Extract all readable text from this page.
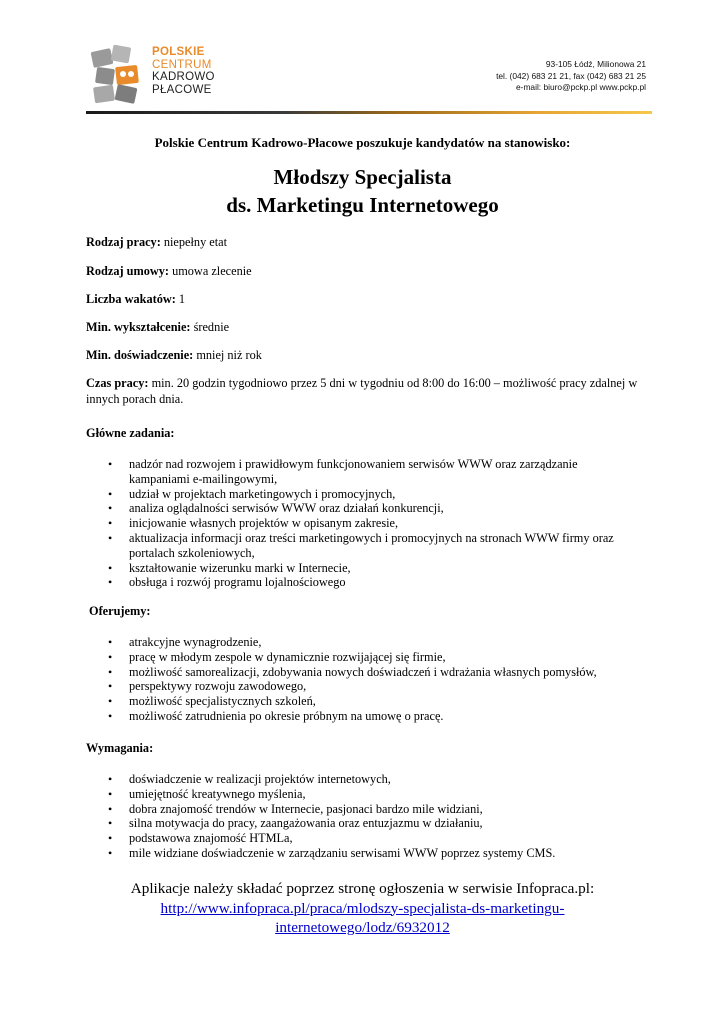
POLSKIE
CENTRUM
KADROWO
PŁACOWE
93-105 Łódź, Milionowa 21
tel. (042) 683 21 21, fax (042) 683 21 25
e-mail: biuro@pckp.pl www.pckp.pl
Polskie Centrum Kadrowo-Płacowe poszukuje kandydatów na stanowisko:
Młodszy Specjalista
ds. Marketingu Internetowego
Rodzaj pracy: niepełny etat
Rodzaj umowy: umowa zlecenie
Liczba wakatów: 1
Min. wykształcenie: średnie
Min. doświadczenie: mniej niż rok
Czas pracy: min. 20 godzin tygodniowo przez 5 dni w tygodniu od 8:00 do 16:00 – możliwość pracy zdalnej w innych porach dnia.
Główne zadania:
• nadzór nad rozwojem i prawidłowym funkcjonowaniem serwisów WWW oraz zarządzanie kampaniami e-mailingowymi,
• udział w projektach marketingowych i promocyjnych,
• analiza oglądalności serwisów WWW oraz działań konkurencji,
• inicjowanie własnych projektów w opisanym zakresie,
• aktualizacja informacji oraz treści marketingowych i promocyjnych na stronach WWW firmy oraz portalach szkoleniowych,
• kształtowanie wizerunku marki w Internecie,
• obsługa i rozwój programu lojalnościowego
Oferujemy:
• atrakcyjne wynagrodzenie,
• pracę w młodym zespole w dynamicznie rozwijającej się firmie,
• możliwość samorealizacji, zdobywania nowych doświadczeń i wdrażania własnych pomysłów,
• perspektywy rozwoju zawodowego,
• możliwość specjalistycznych szkoleń,
• możliwość zatrudnienia po okresie próbnym na umowę o pracę.
Wymagania:
• doświadczenie w realizacji projektów internetowych,
• umiejętność kreatywnego myślenia,
• dobra znajomość trendów w Internecie, pasjonaci bardzo mile widziani,
• silna motywacja do pracy, zaangażowania oraz entuzjazmu w działaniu,
• podstawowa znajomość HTMLa,
• mile widziane doświadczenie w zarządzaniu serwisami WWW poprzez systemy CMS.
Aplikacje należy składać poprzez stronę ogłoszenia w serwisie Infopraca.pl:
http://www.infopraca.pl/praca/mlodszy-specjalista-ds-marketingu-
internetowego/lodz/6932012
